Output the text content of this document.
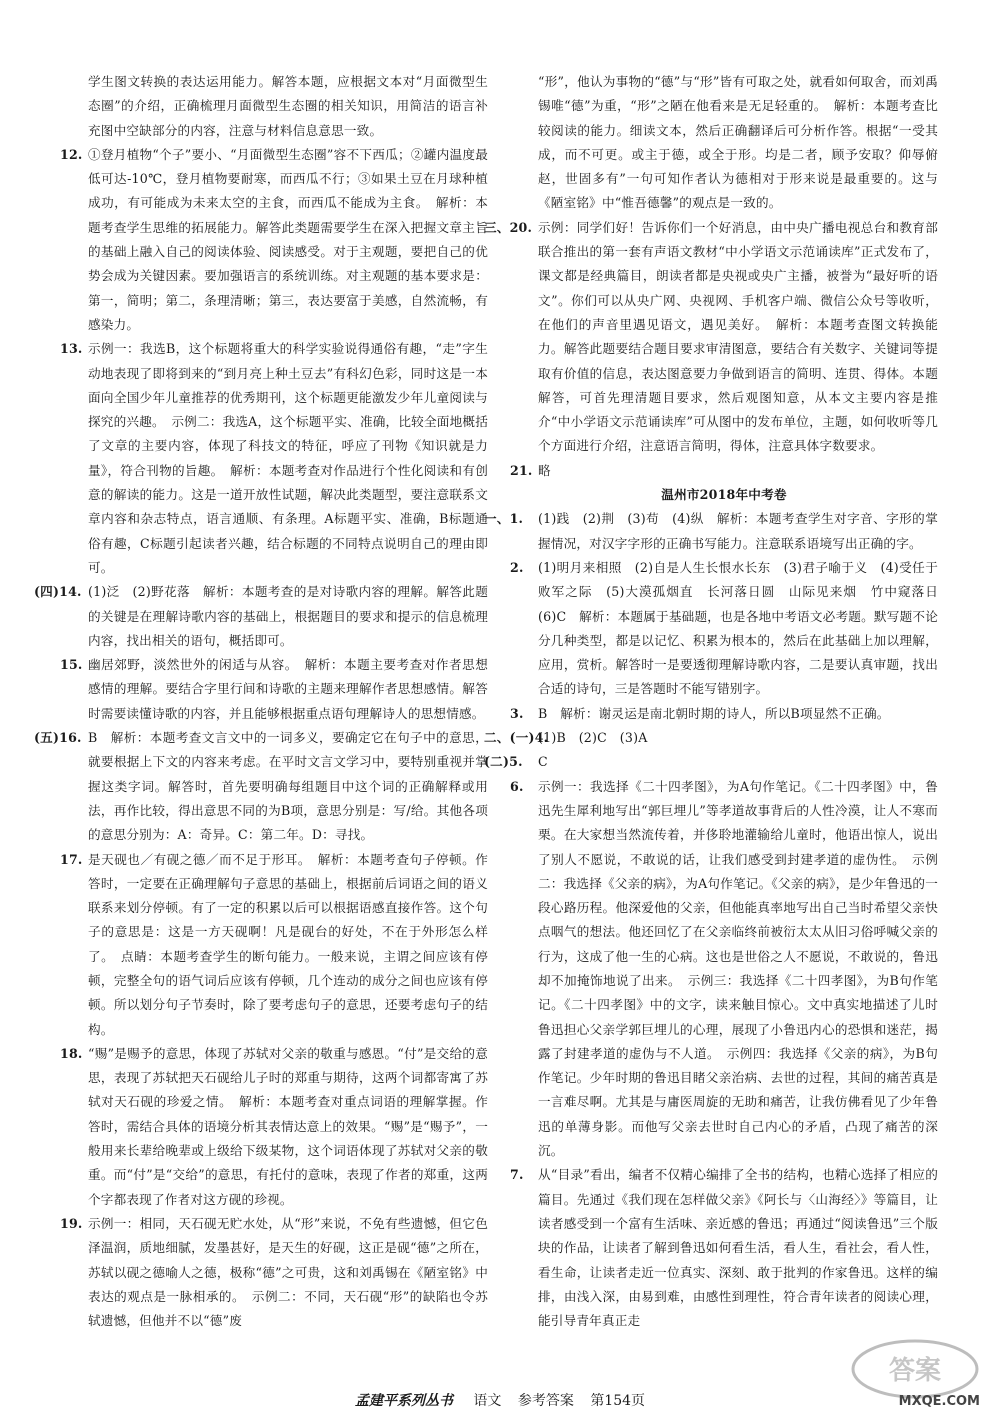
学生图文转换的表达运用能力。解答本题，应根据文本对“月面微型生态圈”的介绍，正确梳理月面微型生态圈的相关知识，用简洁的语言补充图中空缺部分的内容，注意与材料信息意思一致。

12. ①登月植物“个子”要小、“月面微型生态圈”容不下西瓜；②罐内温度最低可达-10℃，登月植物要耐寒，而西瓜不行；③如果土豆在月球种植成功，有可能成为未来太空的主食，而西瓜不能成为主食。　解析：本题考查学生思维的拓展能力。解答此类题需要学生在深入把握文章主旨的基础上融入自己的阅读体验、阅读感受。对于主观题，要把自己的优势会成为关键因素。要加强语言的系统训练。对主观题的基本要求是：第一，简明；第二，条理清晰；第三，表达要富于美感，自然流畅，有感染力。

13. 示例一：我选B，这个标题将重大的科学实验说得通俗有趣，“走”字生动地表现了即将到来的“到月亮上种土豆去”有科幻色彩，同时这是一本面向全国少年儿童推荐的优秀期刊，这个标题更能激发少年儿童阅读与探究的兴趣。　示例二：我选A，这个标题平实、准确，比较全面地概括了文章的主要内容，体现了科技文的特征，呼应了刊物《知识就是力量》，符合刊物的旨趣。　解析：本题考查对作品进行个性化阅读和有创意的解读的能力。这是一道开放性试题，解决此类题型，要注意联系文章内容和杂志特点，语言通顺、有条理。A标题平实、准确，B标题通俗有趣，C标题引起读者兴趣，结合标题的不同特点说明自己的理由即可。

(四)14. (1)泛　(2)野花落　解析：本题考查的是对诗歌内容的理解。解答此题的关键是在理解诗歌内容的基础上，根据题目的要求和提示的信息梳理内容，找出相关的语句，概括即可。

15. 幽居郊野，淡然世外的闲适与从容。　解析：本题主要考查对作者思想感情的理解。要结合字里行间和诗歌的主题来理解作者思想感情。解答时需要读懂诗歌的内容，并且能够根据重点语句理解诗人的思想情感。

(五)16. B　解析：本题考查文言文中的一词多义，要确定它在句子中的意思，就要根据上下文的内容来考虑。在平时文言文学习中，要特别重视并掌握这类字词。解答时，首先要明确每组题目中这个词的正确解释或用法，再作比较，得出意思不同的为B项，意思分别是：写/给。其他各项的意思分别为：A：奇异。C：第二年。D：寻找。

17. 是天砚也／有砚之德／而不足于形耳。　解析：本题考查句子停顿。作答时，一定要在正确理解句子意思的基础上，根据前后词语之间的语义联系来划分停顿。有了一定的积累以后可以根据语感直接作答。这个句子的意思是：这是一方天砚啊！凡是砚台的好处，不在于外形怎么样了。　点睛：本题考查学生的断句能力。一般来说，主谓之间应该有停顿，完整全句的语气词后应该有停顿，几个连动的成分之间也应该有停顿。所以划分句子节奏时，除了要考虑句子的意思，还要考虑句子的结构。

18. “赐”是赐予的意思，体现了苏轼对父亲的敬重与感恩。“付”是交给的意思，表现了苏轼把天石砚给儿子时的郑重与期待，这两个词都寄寓了苏轼对天石砚的珍爱之情。　解析：本题考查对重点词语的理解掌握。作答时，需结合具体的语境分析其表情达意上的效果。“赐”是“赐予”，一般用来长辈给晚辈或上级给下级某物，这个词语体现了苏轼对父亲的敬重。而“付”是“交给”的意思，有托付的意味，表现了作者的郑重，这两个字都表现了作者对这方砚的珍视。

19. 示例一：相同，天石砚无贮水处，从“形”来说，不免有些遗憾，但它色泽温润，质地细腻，发墨甚好，是天生的好砚，这正是砚“德”之所在，苏轼以砚之德喻人之德，极称“德”之可贵，这和刘禹锡在《陋室铭》中表达的观点是一脉相承的。　示例二：不同，天石砚“形”的缺陷也令苏轼遗憾，但他并不以“德”废

“形”，他认为事物的“德”与“形”皆有可取之处，就看如何取舍，而刘禹锡唯“德”为重，“形”之陋在他看来是无足轻重的。　解析：本题考查比较阅读的能力。细读文本，然后正确翻译后可分析作答。根据“一受其成，而不可更。或主于德，或全于形。均是二者，顾予安取？仰辱俯赵，世固多有”一句可知作者认为德相对于形来说是最重要的。这与《陋室铭》中“惟吾德馨”的观点是一致的。

三、20. 示例：同学们好！告诉你们一个好消息，由中央广播电视总台和教育部联合推出的第一套有声语文教材“中小学语文示范诵读库”正式发布了，课文都是经典篇目，朗读者都是央视或央广主播，被誉为“最好听的语文”。你们可以从央广网、央视网、手机客户端、微信公众号等收听，在他们的声音里遇见语文，遇见美好。　解析：本题考查图文转换能力。解答此题要结合题目要求审清图意，要结合有关数字、关键词等提取有价值的信息，表达图意要力争做到语言的简明、连贯、得体。本题解答，可首先理清题目要求，然后观图知意，从本文主要内容是推介“中小学语文示范诵读库”可从图中的发布单位，主题，如何收听等几个方面进行介绍，注意语言简明，得体，注意具体字数要求。

21. 略

温州市2018年中考卷

一、1. (1)践　(2)荆　(3)苟　(4)纵　解析：本题考查学生对字音、字形的掌握情况，对汉字字形的正确书写能力。注意联系语境写出正确的字。

2. (1)明月来相照　(2)自是人生长恨水长东　(3)君子喻于义　(4)受任于败军之际　(5)大漠孤烟直　长河落日圆　山际见来烟　竹中窥落日　(6)C　解析：本题属于基础题，也是各地中考语文必考题。默写题不论分几种类型，都是以记忆、积累为根本的，然后在此基础上加以理解，应用，赏析。解答时一是要透彻理解诗歌内容，二是要认真审题，找出合适的诗句，三是答题时不能写错别字。

3. B　解析：谢灵运是南北朝时期的诗人，所以B项显然不正确。

二、(一)4.
(1)B　(2)C　(3)A

(二)5. C

6. 示例一：我选择《二十四孝图》，为A句作笔记。《二十四孝图》中，鲁迅先生犀利地写出“郭巨埋儿”等孝道故事背后的人性冷漠，让人不寒而栗。在大家想当然流传着，并侈聆地灌输给儿童时，他语出惊人，说出了别人不愿说，不敢说的话，让我们感受到封建孝道的虚伪性。　示例二：我选择《父亲的病》，为A句作笔记。《父亲的病》，是少年鲁迅的一段心路历程。他深爱他的父亲，但他能真率地写出自己当时希望父亲快点咽气的想法。他还回忆了在父亲临终前被衍太太从旧习俗呼喊父亲的行为，这成了他一生的心病。这也是世俗之人不愿说，不敢说的，鲁迅却不加掩饰地说了出来。　示例三：我选择《二十四孝图》，为B句作笔记。《二十四孝图》中的文字，读来触目惊心。文中真实地描述了儿时鲁迅担心父亲学郭巨埋儿的心理，展现了小鲁迅内心的恐惧和迷茫，揭露了封建孝道的虚伪与不人道。　示例四：我选择《父亲的病》，为B句作笔记。少年时期的鲁迅目睹父亲治病、去世的过程，其间的痛苦真是一言难尽啊。尤其是与庸医周旋的无助和痛苦，让我仿佛看见了少年鲁迅的单薄身影。而他写父亲去世时自己内心的矛盾，凸现了痛苦的深沉。

7. 从“目录”看出，编者不仅精心编排了全书的结构，也精心选择了相应的篇目。先通过《我们现在怎样做父亲》《阿长与〈山海经〉》等篇目，让读者感受到一个富有生活味、亲近感的鲁迅；再通过“阅读鲁迅”三个版块的作品，让读者了解到鲁迅如何看生活，看人生，看社会，看人性，看生命，让读者走近一位真实、深刻、敢于批判的作家鲁迅。这样的编排，由浅入深，由易到难，由感性到理性，符合青年读者的阅读心理，能引导青年真正走

孟建平系列丛书 语文 参考答案 第154页
答案
MXQE.COM
